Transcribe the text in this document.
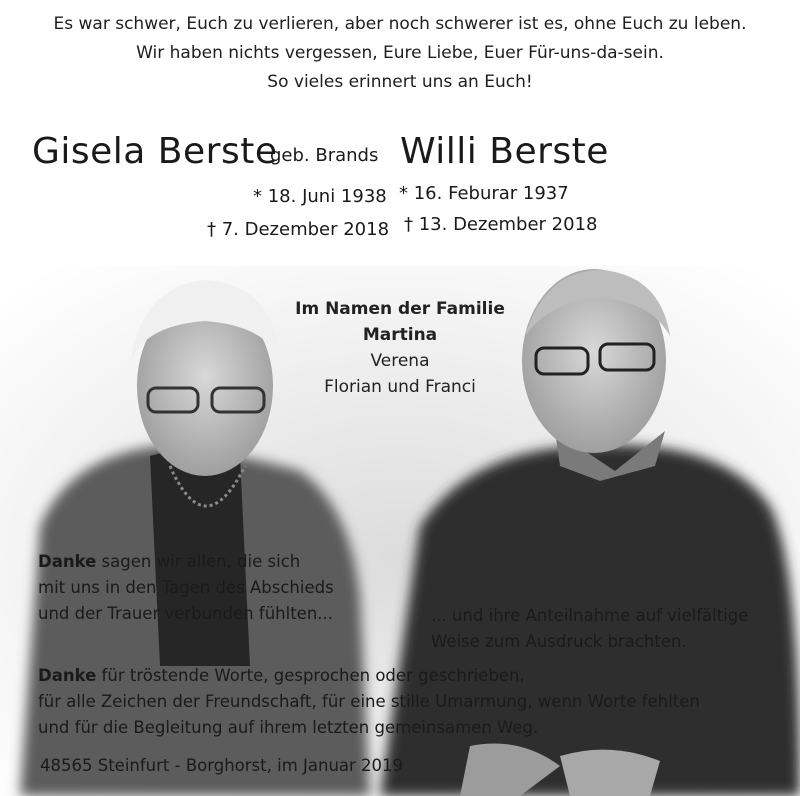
Es war schwer, Euch zu verlieren, aber noch schwerer ist es, ohne Euch zu leben.
Wir haben nichts vergessen, Eure Liebe, Euer Für-uns-da-sein.
So vieles erinnert uns an Euch!
Gisela Berste
geb. Brands Willi Berste
* 18. Juni 1938 * 16. Feburar 1937
† 7. Dezember 2018 † 13. Dezember 2018
Im Namen der Familie
Martina
Verena
Florian und Franci
Danke sagen wir allen, die sich
mit uns in den Tagen des Abschieds
und der Trauer verbunden fühlten...	... und ihre Anteilnahme auf vielfältige
Weise zum Ausdruck brachten.
Danke für tröstende Worte, gesprochen oder geschrieben,
für alle Zeichen der Freundschaft, für eine stille Umarmung, wenn Worte fehlten
und für die Begleitung auf ihrem letzten gemeinsamen Weg.
48565 Steinfurt - Borghorst, im Januar 2019
